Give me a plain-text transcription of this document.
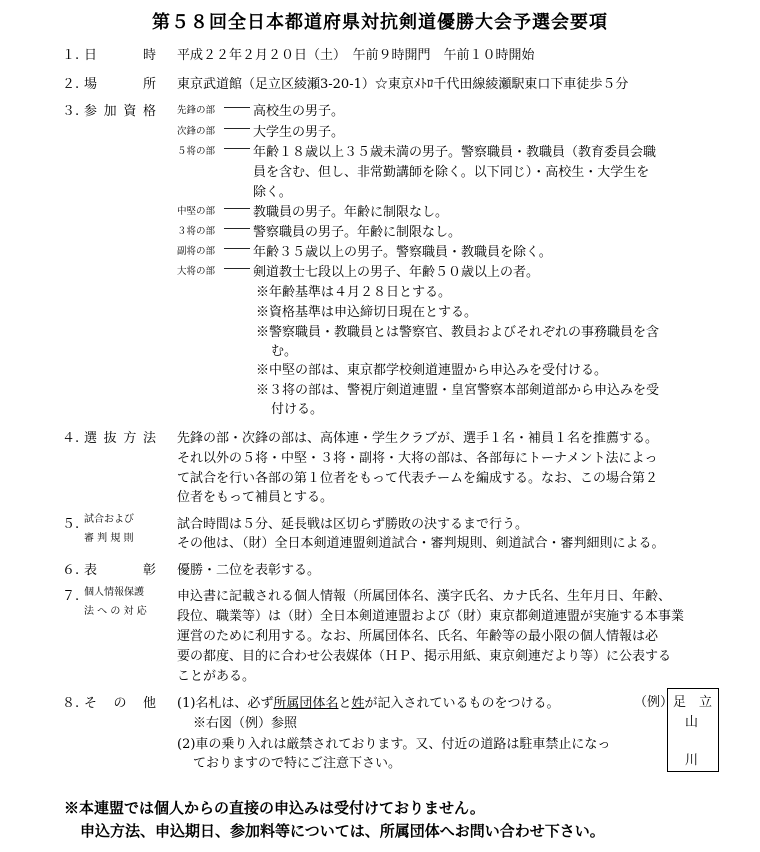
第５８回全日本都道府県対抗剣道優勝大会予選会要項
１. 日	時 平成２２年２月２０日（土）　午前９時開門　午前１０時開始
２. 場	所 東京武道館（足立区綾瀬3-20-1）☆東京ﾒﾄﾛ千代田線綾瀬駅東口下車徒歩５分
３. 参 加 資 格 先鋒の部 ―― 高校生の男子。
次鋒の部 ―― 大学生の男子。
５将の部 ―― 年齢１８歳以上３５歳未満の男子。警察職員・教職員（教育委員会職
員を含む、但し、非常勤講師を除く。以下同じ）・高校生・大学生を
除く。
中堅の部 ―― 教職員の男子。年齢に制限なし。
３将の部 ―― 警察職員の男子。年齢に制限なし。
副将の部 ―― 年齢３５歳以上の男子。警察職員・教職員を除く。
大将の部 ―― 剣道教士七段以上の男子、年齢５０歳以上の者。
※年齢基準は４月２８日とする。
※資格基準は申込締切日現在とする。
※警察職員・教職員とは警察官、教員およびそれぞれの事務職員を含
む。
※中堅の部は、東京都学校剣道連盟から申込みを受付ける。
※３将の部は、警視庁剣道連盟・皇宮警察本部剣道部から申込みを受
付ける。
４. 選 抜 方 法 先鋒の部・次鋒の部は、高体連・学生クラブが、選手１名・補員１名を推薦する。
それ以外の５将・中堅・３将・副将・大将の部は、各部毎にトーナメント法によっ
て試合を行い各部の第１位者をもって代表チームを編成する。なお、この場合第２
位者をもって補員とする。
５. 試合および
審 判 規 則
試合時間は５分、延長戦は区切らず勝敗の決するまで行う。
その他は、（財）全日本剣道連盟剣道試合・審判規則、剣道試合・審判細則による。
６. 表	彰 優勝・二位を表彰する。
７. 個人情報保護
法 へ の 対 応
申込書に記載される個人情報（所属団体名、漢字氏名、カナ氏名、生年月日、年齢、
段位、職業等）は（財）全日本剣道連盟および（財）東京都剣道連盟が実施する本事業
運営のために利用する。なお、所属団体名、氏名、年齢等の最小限の個人情報は必
要の都度、目的に合わせ公表媒体（ＨＰ、掲示用紙、東京剣連だより等）に公表する
ことがある。
８. そ の 他 (1)名札は、必ず所属団体名と姓が記入されているものをつける。
※右図（例）参照
(2)車の乗り入れは厳禁されております。又、付近の道路は駐車禁止になっ
ておりますので特にご注意下さい。
（例） 足 立
山
川
※本連盟では個人からの直接の申込みは受付けておりません。
申込方法、申込期日、参加料等については、所属団体へお問い合わせ下さい。
